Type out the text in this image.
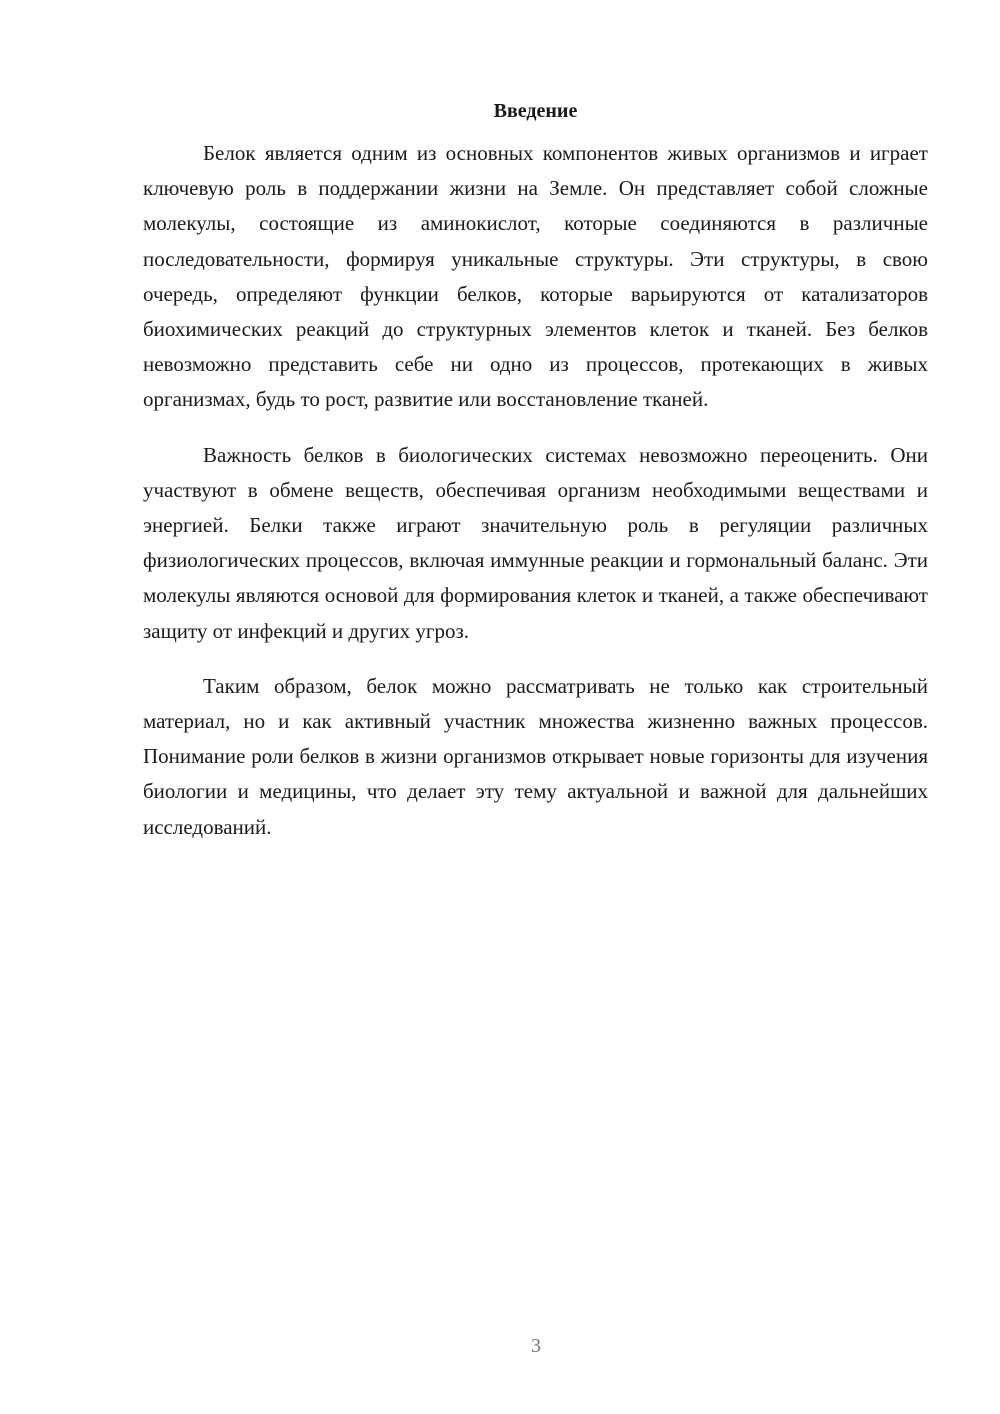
Введение

Белок является одним из основных компонентов живых организмов и играет ключевую роль в поддержании жизни на Земле. Он представляет собой сложные молекулы, состоящие из аминокислот, которые соединяются в различные последовательности, формируя уникальные структуры. Эти структуры, в свою очередь, определяют функции белков, которые варьируются от катализаторов биохимических реакций до структурных элементов клеток и тканей. Без белков невозможно представить себе ни одно из процессов, протекающих в живых организмах, будь то рост, развитие или восстановление тканей.

Важность белков в биологических системах невозможно переоценить. Они участвуют в обмене веществ, обеспечивая организм необходимыми веществами и энергией. Белки также играют значительную роль в регуляции различных физиологических процессов, включая иммунные реакции и гормональный баланс. Эти молекулы являются основой для формирования клеток и тканей, а также обеспечивают защиту от инфекций и других угроз.

Таким образом, белок можно рассматривать не только как строительный материал, но и как активный участник множества жизненно важных процессов. Понимание роли белков в жизни организмов открывает новые горизонты для изучения биологии и медицины, что делает эту тему актуальной и важной для дальнейших исследований.

3
